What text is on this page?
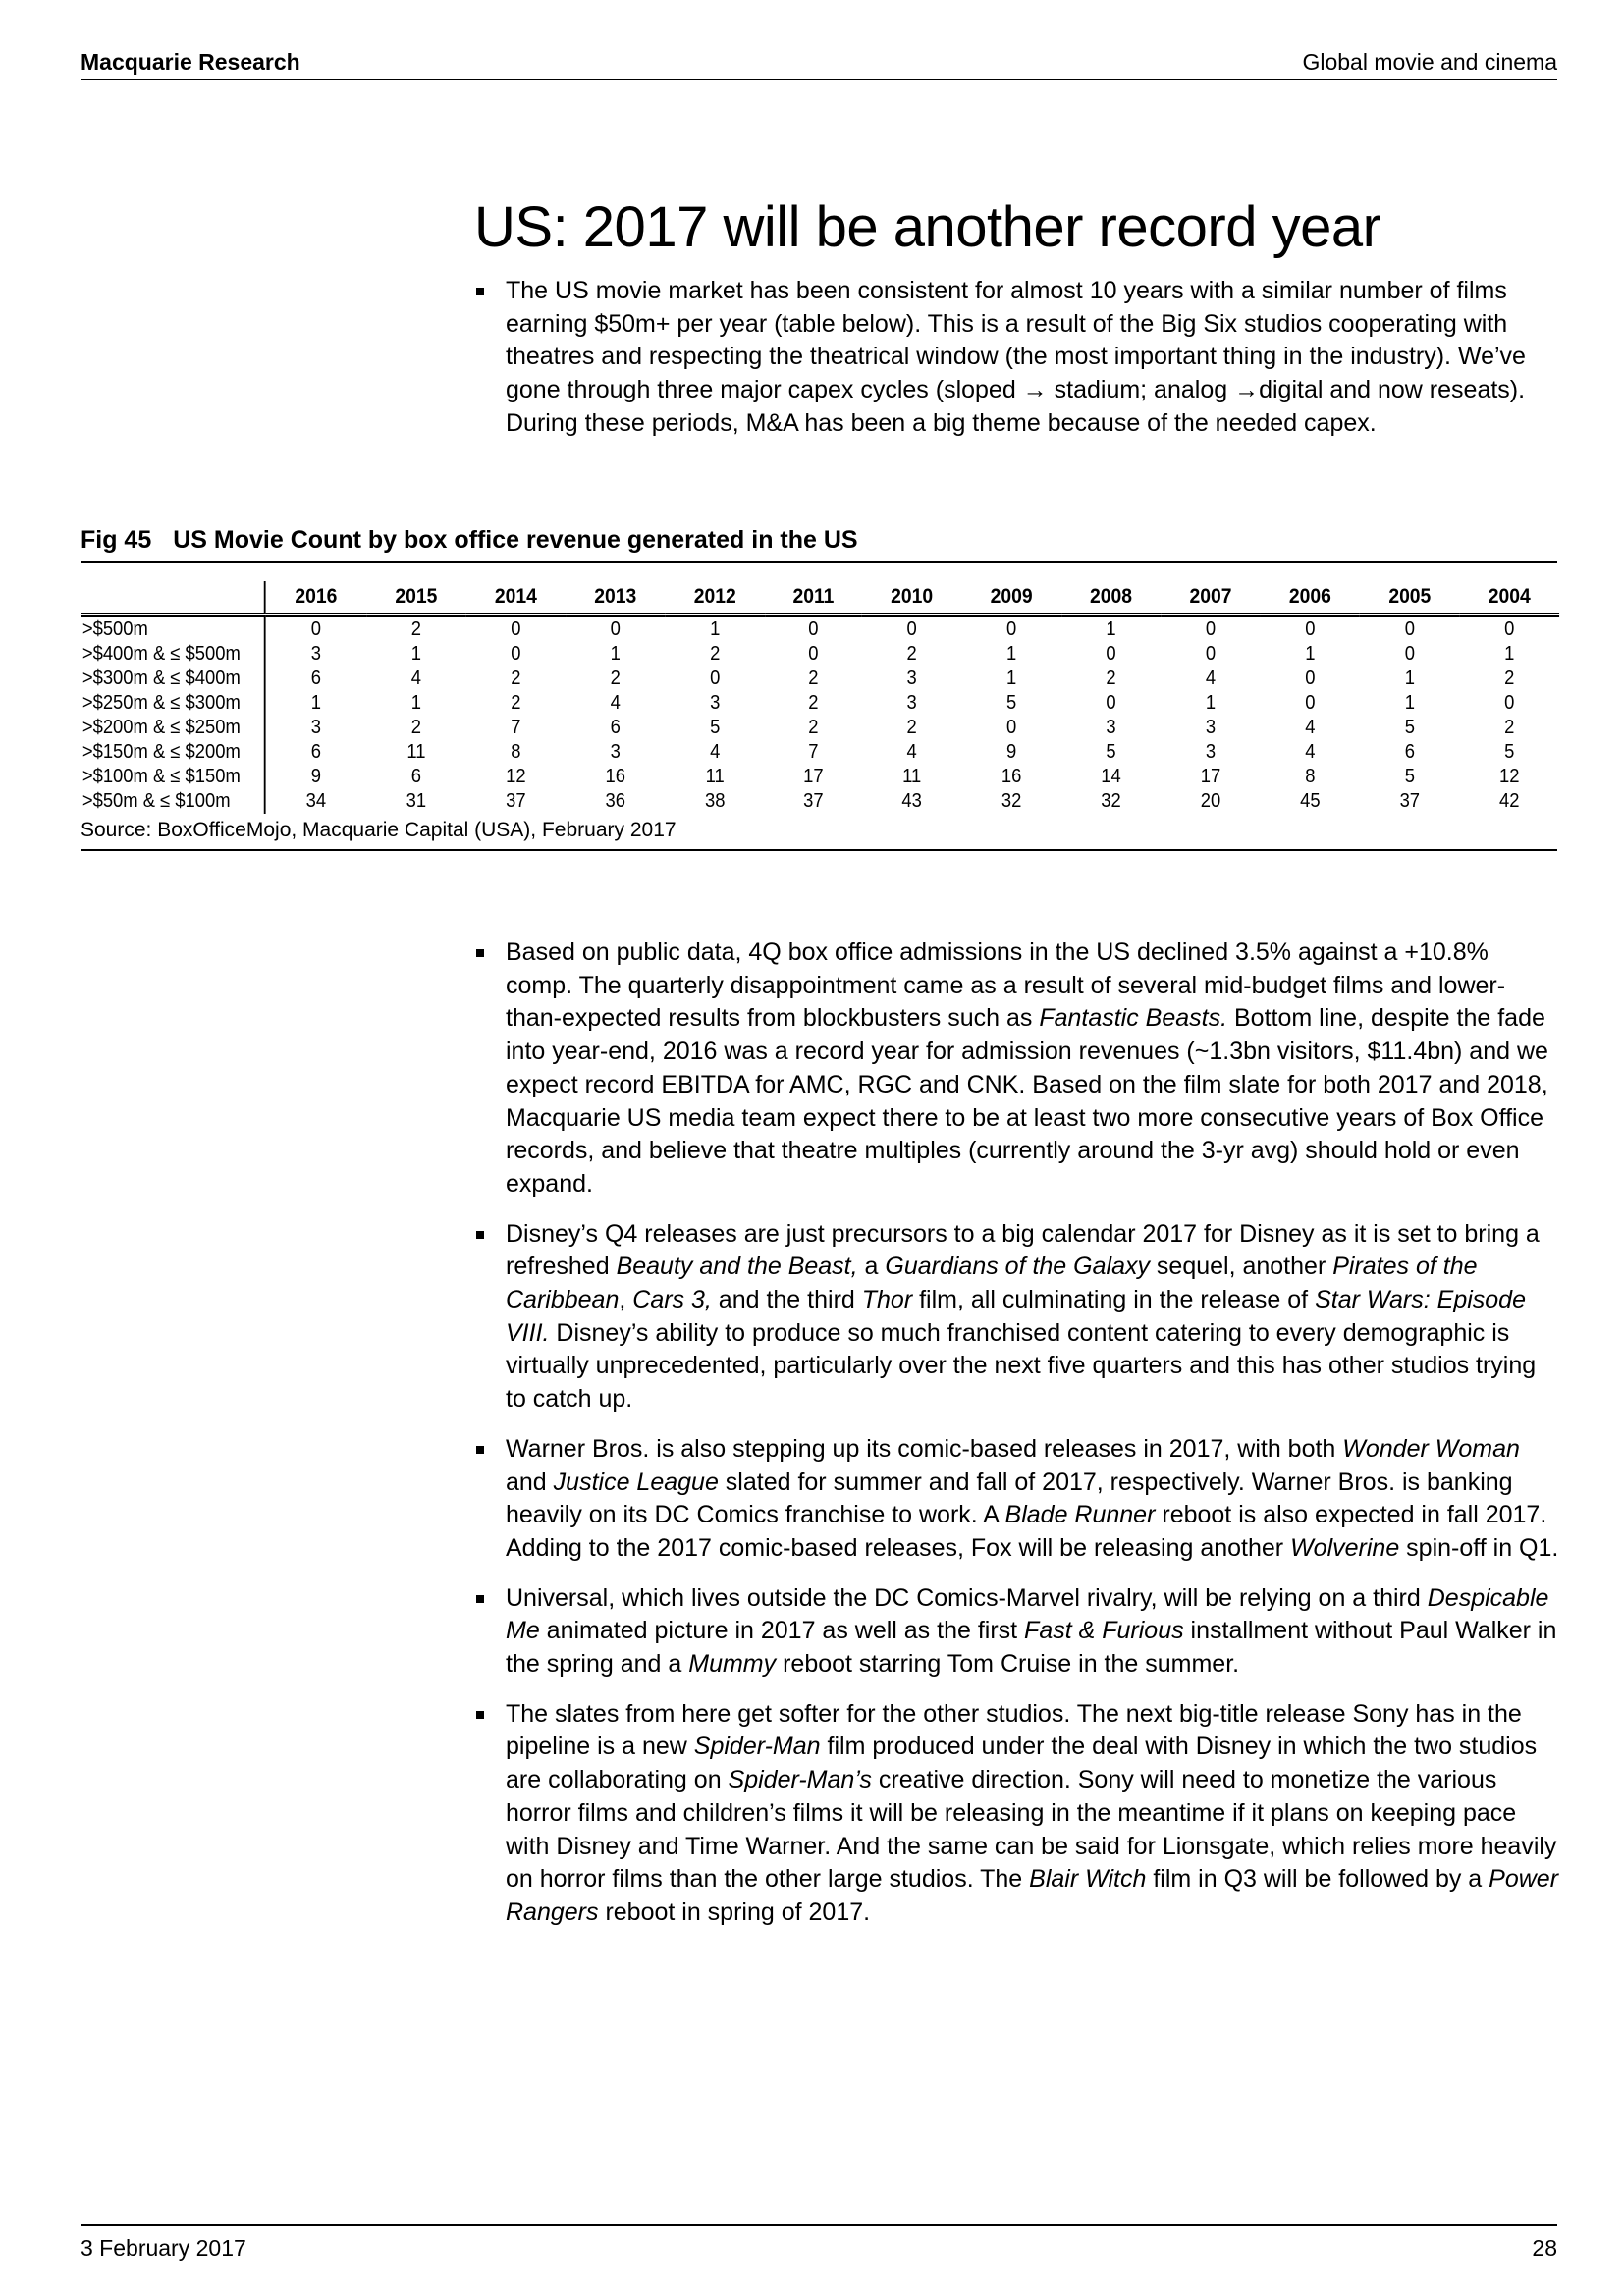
Macquarie Research	Global movie and cinema
US: 2017 will be another record year
The US movie market has been consistent for almost 10 years with a similar number of films earning $50m+ per year (table below). This is a result of the Big Six studios cooperating with theatres and respecting the theatrical window (the most important thing in the industry). We’ve gone through three major capex cycles (sloped → stadium; analog →digital and now reseats). During these periods, M&A has been a big theme because of the needed capex.
Fig 45 US Movie Count by box office revenue generated in the US
	2016	2015	2014	2013	2012	2011	2010	2009	2008	2007	2006	2005	2004
>$500m	0	2	0	0	1	0	0	0	1	0	0	0	0
>$400m & ≤ $500m	3	1	0	1	2	0	2	1	0	0	1	0	1
>$300m & ≤ $400m	6	4	2	2	0	2	3	1	2	4	0	1	2
>$250m & ≤ $300m	1	1	2	4	3	2	3	5	0	1	0	1	0
>$200m & ≤ $250m	3	2	7	6	5	2	2	0	3	3	4	5	2
>$150m & ≤ $200m	6	11	8	3	4	7	4	9	5	3	4	6	5
>$100m & ≤ $150m	9	6	12	16	11	17	11	16	14	17	8	5	12
>$50m & ≤ $100m	34	31	37	36	38	37	43	32	32	20	45	37	42
Source: BoxOfficeMojo, Macquarie Capital (USA), February 2017
Based on public data, 4Q box office admissions in the US declined 3.5% against a +10.8% comp. The quarterly disappointment came as a result of several mid-budget films and lower-than-expected results from blockbusters such as Fantastic Beasts. Bottom line, despite the fade into year-end, 2016 was a record year for admission revenues (~1.3bn visitors, $11.4bn) and we expect record EBITDA for AMC, RGC and CNK. Based on the film slate for both 2017 and 2018, Macquarie US media team expect there to be at least two more consecutive years of Box Office records, and believe that theatre multiples (currently around the 3-yr avg) should hold or even expand.
Disney’s Q4 releases are just precursors to a big calendar 2017 for Disney as it is set to bring a refreshed Beauty and the Beast, a Guardians of the Galaxy sequel, another Pirates of the Caribbean, Cars 3, and the third Thor film, all culminating in the release of Star Wars: Episode VIII. Disney’s ability to produce so much franchised content catering to every demographic is virtually unprecedented, particularly over the next five quarters and this has other studios trying to catch up.
Warner Bros. is also stepping up its comic-based releases in 2017, with both Wonder Woman and Justice League slated for summer and fall of 2017, respectively. Warner Bros. is banking heavily on its DC Comics franchise to work. A Blade Runner reboot is also expected in fall 2017. Adding to the 2017 comic-based releases, Fox will be releasing another Wolverine spin-off in Q1.
Universal, which lives outside the DC Comics-Marvel rivalry, will be relying on a third Despicable Me animated picture in 2017 as well as the first Fast & Furious installment without Paul Walker in the spring and a Mummy reboot starring Tom Cruise in the summer.
The slates from here get softer for the other studios. The next big-title release Sony has in the pipeline is a new Spider-Man film produced under the deal with Disney in which the two studios are collaborating on Spider-Man’s creative direction. Sony will need to monetize the various horror films and children’s films it will be releasing in the meantime if it plans on keeping pace with Disney and Time Warner. And the same can be said for Lionsgate, which relies more heavily on horror films than the other large studios. The Blair Witch film in Q3 will be followed by a Power Rangers reboot in spring of 2017.
3 February 2017	28
